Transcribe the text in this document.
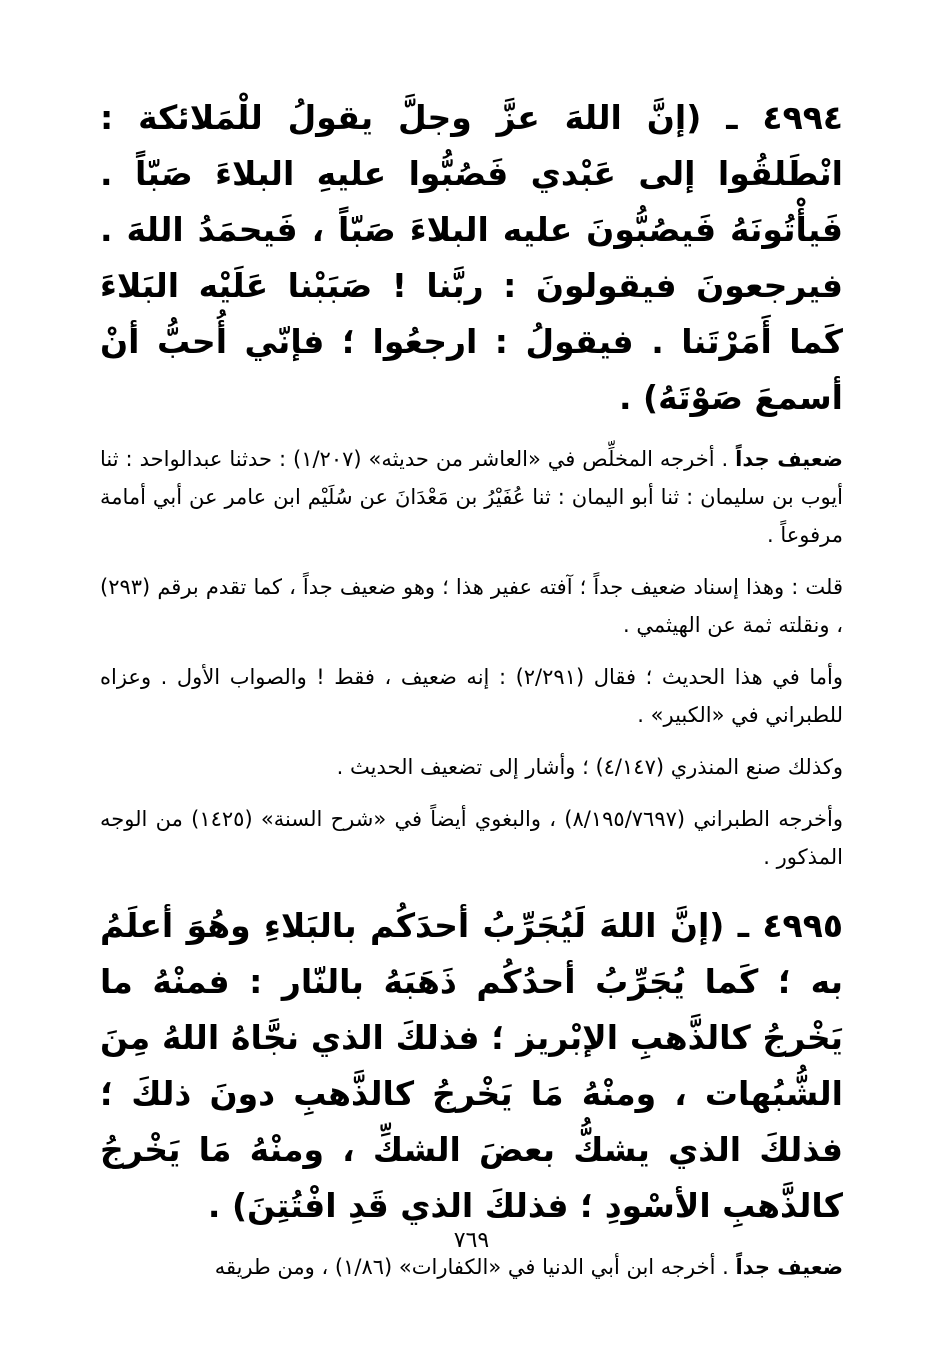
٤٩٩٤ ـ (إنَّ اللهَ عزَّ وجلَّ يقولُ للْمَلائكة : انْطَلقُوا إلى عَبْدي فَصُبُّوا عليهِ البلاءَ صَبّاً . فَيأْتُونَهُ فَيصُبُّونَ عليه البلاءَ صَبّاً ، فَيحمَدُ اللهَ . فيرجعونَ فيقولونَ : ربَّنا ! صَبَبْنا عَلَيْه البَلاءَ كَما أَمَرْتَنا . فيقولُ : ارجعُوا ؛ فإنّي أُحبُّ أنْ أسمعَ صَوْتَهُ) .

ضعيف جداً . أخرجه المخلِّص في «العاشر من حديثه» (١/٢٠٧) : حدثنا عبدالواحد : ثنا أيوب بن سليمان : ثنا أبو اليمان : ثنا عُفَيْرُ بن مَعْدَانَ عن سُلَيْم ابن عامر عن أبي أمامة مرفوعاً .

قلت : وهذا إسناد ضعيف جداً ؛ آفته عفير هذا ؛ وهو ضعيف جداً ، كما تقدم برقم (٢٩٣) ، ونقلته ثمة عن الهيثمي .

وأما في هذا الحديث ؛ فقال (٢/٢٩١) : إنه ضعيف ، فقط ! والصواب الأول . وعزاه للطبراني في «الكبير» .

وكذلك صنع المنذري (٤/١٤٧) ؛ وأشار إلى تضعيف الحديث .

وأخرجه الطبراني (٨/١٩٥/٧٦٩٧) ، والبغوي أيضاً في «شرح السنة» (١٤٢٥) من الوجه المذكور .

٤٩٩٥ ـ (إنَّ اللهَ لَيُجَرِّبُ أحدَكُم بالبَلاءِ وهُوَ أعلَمُ به ؛ كَما يُجَرِّبُ أحدُكُم ذَهَبَهُ بالنّار : فمنْهُ ما يَخْرجُ كالذَّهبِ الإبْريز ؛ فذلكَ الذي نجَّاهُ اللهُ مِنَ الشُّبُهات ، ومنْهُ مَا يَخْرجُ كالذَّهبِ دونَ ذلكَ ؛ فذلكَ الذي يشكُّ بعضَ الشكِّ ، ومنْهُ مَا يَخْرجُ كالذَّهبِ الأسْودِ ؛ فذلكَ الذي قَدِ افْتُتِنَ) .

ضعيف جداً . أخرجه ابن أبي الدنيا في «الكفارات» (١/٨٦) ، ومن طريقه

٧٦٩
